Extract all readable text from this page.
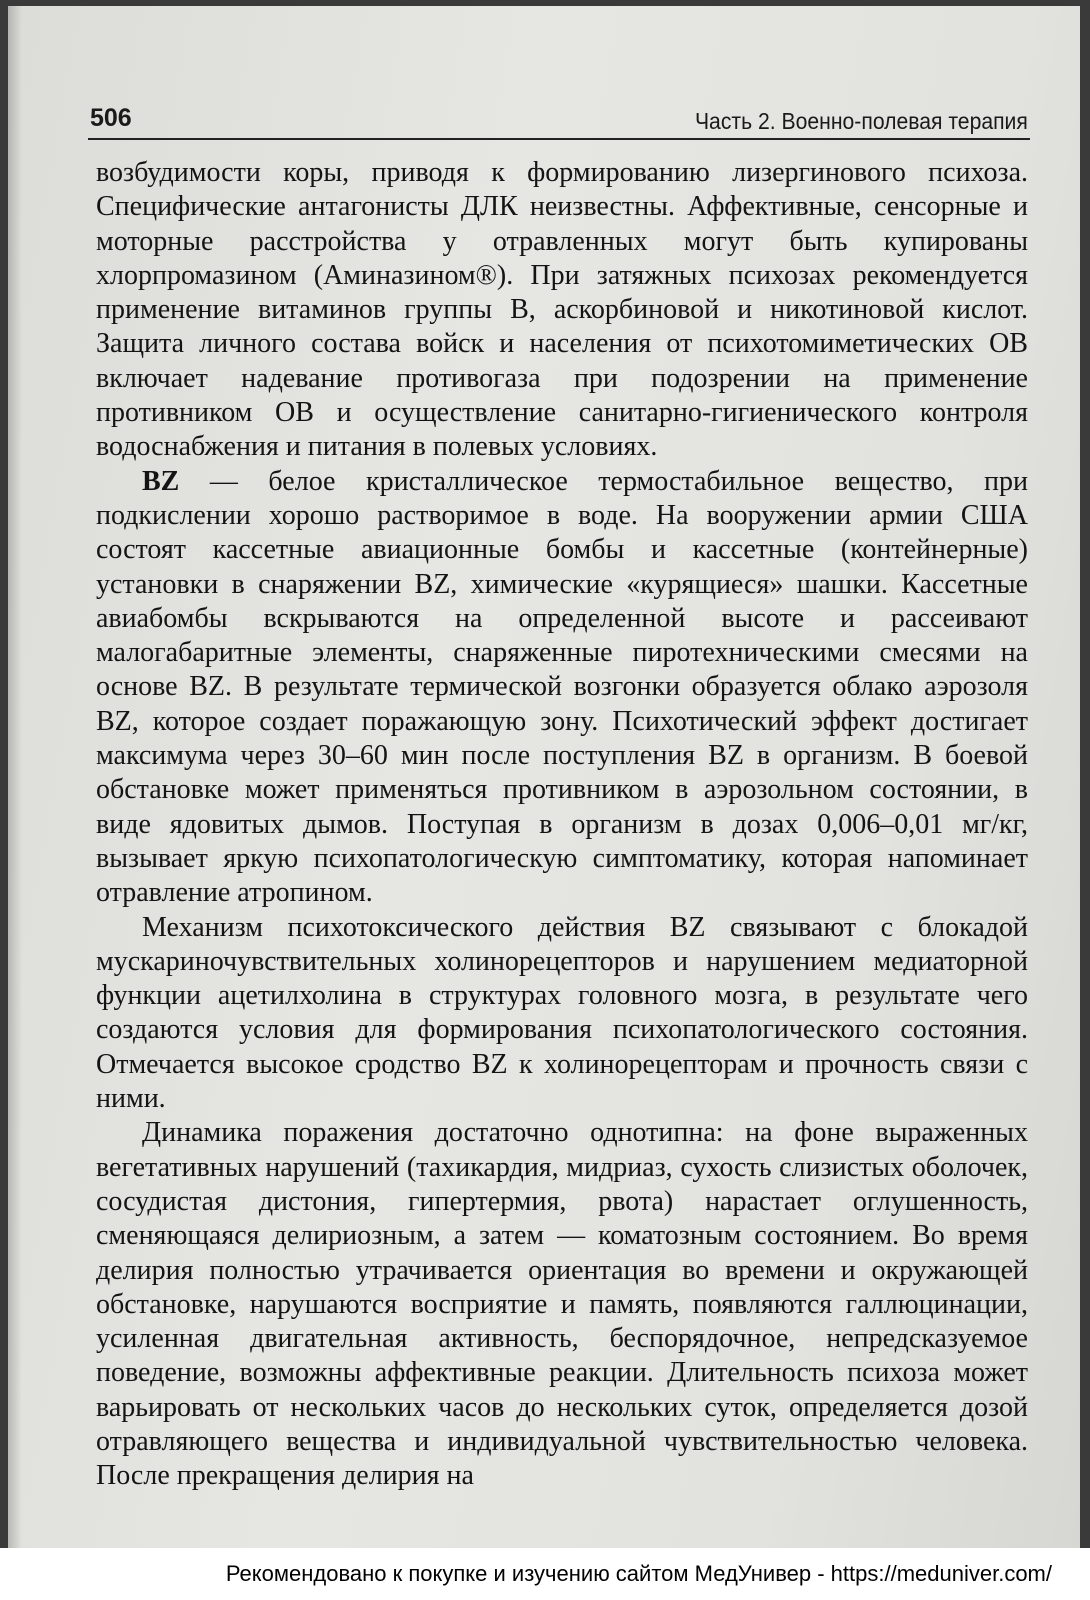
506	Часть 2. Военно-полевая терапия

возбудимости коры, приводя к формированию лизергинового психоза. Специфические антагонисты ДЛК неизвестны. Аффективные, сенсорные и моторные расстройства у отравленных могут быть купированы хлорпромазином (Аминазином®). При затяжных психозах рекомендуется применение витаминов группы В, аскорбиновой и никотиновой кислот. Защита личного состава войск и населения от психотомиметических ОВ включает надевание противогаза при подозрении на применение противником ОВ и осуществление санитарно-гигиенического контроля водоснабжения и питания в полевых условиях.

BZ — белое кристаллическое термостабильное вещество, при подкислении хорошо растворимое в воде. На вооружении армии США состоят кассетные авиационные бомбы и кассетные (контейнерные) установки в снаряжении BZ, химические «курящиеся» шашки. Кассетные авиабомбы вскрываются на определенной высоте и рассеивают малогабаритные элементы, снаряженные пиротехническими смесями на основе BZ. В результате термической возгонки образуется облако аэрозоля BZ, которое создает поражающую зону. Психотический эффект достигает максимума через 30–60 мин после поступления BZ в организм. В боевой обстановке может применяться противником в аэрозольном состоянии, в виде ядовитых дымов. Поступая в организм в дозах 0,006–0,01 мг/кг, вызывает яркую психопатологическую симптоматику, которая напоминает отравление атропином.

Механизм психотоксического действия BZ связывают с блокадой мускариночувствительных холинорецепторов и нарушением медиаторной функции ацетилхолина в структурах головного мозга, в результате чего создаются условия для формирования психопатологического состояния. Отмечается высокое сродство BZ к холинорецепторам и прочность связи с ними.

Динамика поражения достаточно однотипна: на фоне выраженных вегетативных нарушений (тахикардия, мидриаз, сухость слизистых оболочек, сосудистая дистония, гипертермия, рвота) нарастает оглушенность, сменяющаяся делириозным, а затем — коматозным состоянием. Во время делирия полностью утрачивается ориентация во времени и окружающей обстановке, нарушаются восприятие и память, появляются галлюцинации, усиленная двигательная активность, беспорядочное, непредсказуемое поведение, возможны аффективные реакции. Длительность психоза может варьировать от нескольких часов до нескольких суток, определяется дозой отравляющего вещества и индивидуальной чувствительностью человека. После прекращения делирия на

Рекомендовано к покупке и изучению сайтом МедУнивер - https://meduniver.com/
